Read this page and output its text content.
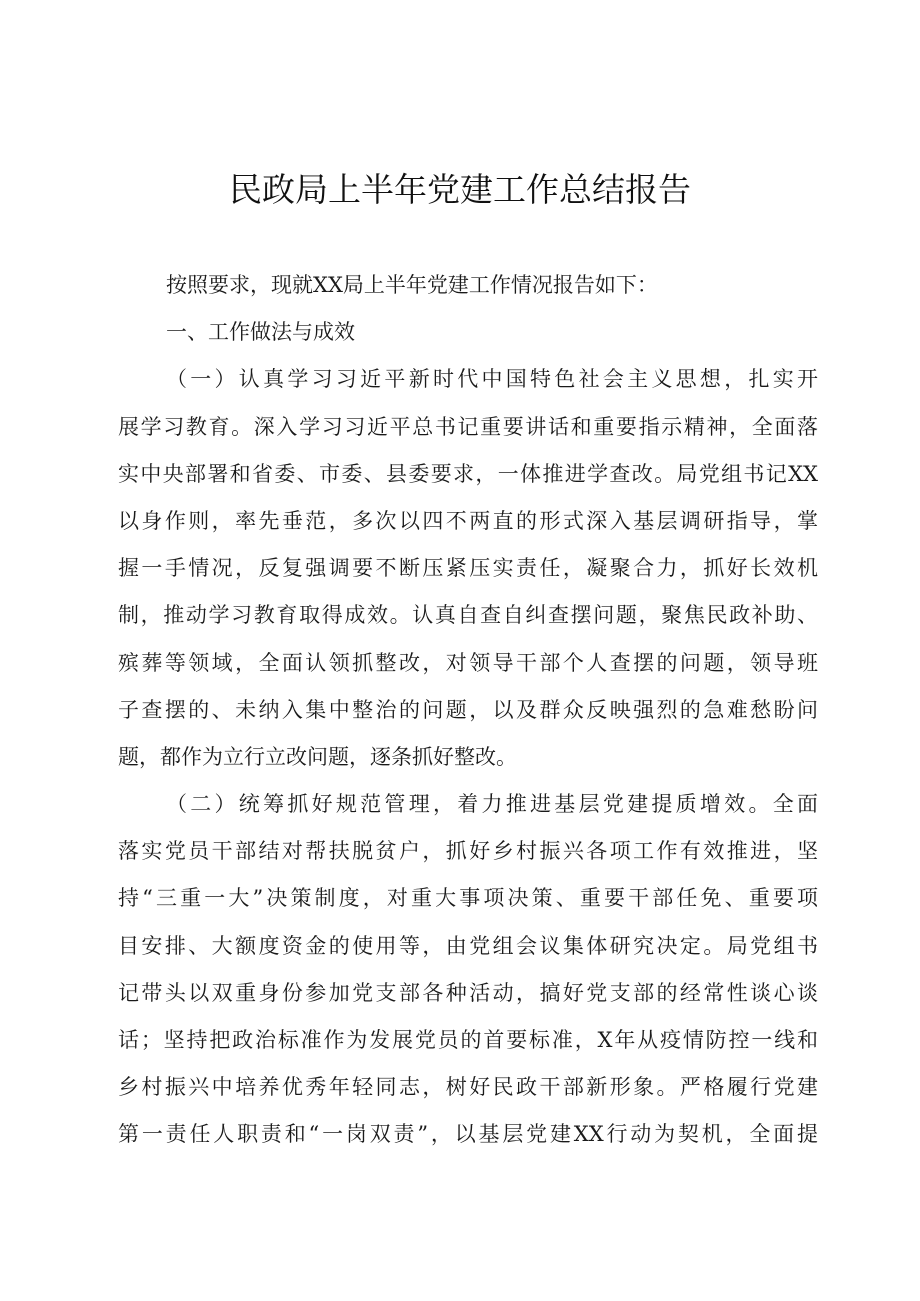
民政局上半年党建工作总结报告

按照要求，现就XX局上半年党建工作情况报告如下：

一、工作做法与成效

（一）认真学习习近平新时代中国特色社会主义思想，扎实开
展学习教育。深入学习习近平总书记重要讲话和重要指示精神，全面落
实中央部署和省委、市委、县委要求，一体推进学查改。局党组书记XX
以身作则，率先垂范，多次以四不两直的形式深入基层调研指导，掌
握一手情况，反复强调要不断压紧压实责任，凝聚合力，抓好长效机
制，推动学习教育取得成效。认真自查自纠查摆问题，聚焦民政补助、
殡葬等领域，全面认领抓整改，对领导干部个人查摆的问题，领导班
子查摆的、未纳入集中整治的问题，以及群众反映强烈的急难愁盼问
题，都作为立行立改问题，逐条抓好整改。

（二）统筹抓好规范管理，着力推进基层党建提质增效。全面
落实党员干部结对帮扶脱贫户，抓好乡村振兴各项工作有效推进，坚
持“三重一大”决策制度，对重大事项决策、重要干部任免、重要项
目安排、大额度资金的使用等，由党组会议集体研究决定。局党组书
记带头以双重身份参加党支部各种活动，搞好党支部的经常性谈心谈
话；坚持把政治标准作为发展党员的首要标准，X年从疫情防控一线和
乡村振兴中培养优秀年轻同志，树好民政干部新形象。严格履行党建
第一责任人职责和“一岗双责”，以基层党建XX行动为契机，全面提
